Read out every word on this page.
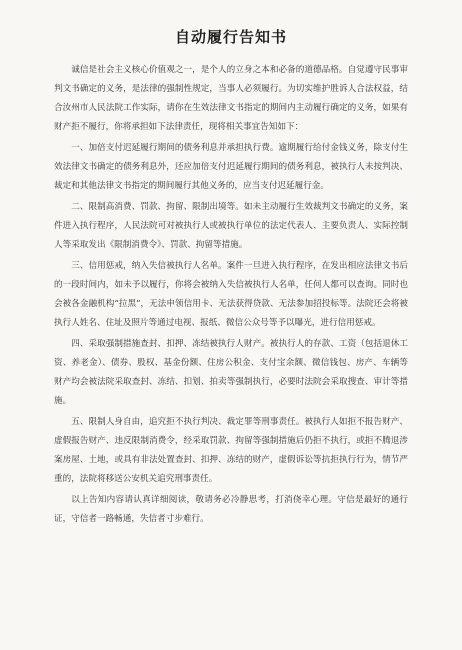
自动履行告知书

诚信是社会主义核心价值观之一，是个人的立身之本和必备的道德品格。自觉遵守民事审判文书确定的义务，是法律的强制性规定，当事人必须履行。为切实维护胜诉人合法权益，结合汝州市人民法院工作实际，请你在生效法律文书指定的期间内主动履行确定的义务，如果有财产拒不履行，你将承担如下法律责任，现将相关事宜告知如下：

一、加倍支付迟延履行期间的债务利息并承担执行费。逾期履行给付金钱义务，除支付生效法律文书确定的债务利息外，还应加倍支付迟延履行期间的债务利息，被执行人未按判决、裁定和其他法律文书指定的期间履行其他义务的，应当支付迟延履行金。

二、限制高消费、罚款、拘留、限制出境等。如未主动履行生效裁判文书确定的义务，案件进入执行程序，人民法院可对被执行人或被执行单位的法定代表人、主要负责人、实际控制人等采取发出《限制消费令》、罚款、拘留等措施。

三、信用惩戒，纳入失信被执行人名单。案件一旦进入执行程序，在发出相应法律文书后的一段时间内，如未予以履行，你将会被纳入失信被执行人名单，任何人都可以查询。同时也会被各金融机构“拉黑”，无法申领信用卡、无法获得贷款、无法参加招投标等。法院还会将被执行人姓名、住址及照片等通过电视、报纸、微信公众号等予以曝光，进行信用惩戒。

四、采取强制措施查封、扣押、冻结被执行人财产。被执行人的存款、工资（包括退休工资、养老金）、债券、股权、基金份额、住房公积金、支付宝余额、微信钱包、房产、车辆等财产均会被法院采取查封、冻结、扣划、拍卖等强制执行，必要时法院会采取搜查、审计等措施。

五、限制人身自由，追究拒不执行判决、裁定罪等刑事责任。被执行人如拒不报告财产、虚假报告财产、违反限制消费令，经采取罚款、拘留等强制措施后仍拒不执行，或拒不腾退涉案房屋、土地，或具有非法处置查封、扣押、冻结的财产，虚假诉讼等抗拒执行行为，情节严重的，法院将移送公安机关追究刑事责任。

以上告知内容请认真详细阅读，敬请务必冷静思考，打消侥幸心理。守信是最好的通行证，守信者一路畅通，失信者寸步难行。
